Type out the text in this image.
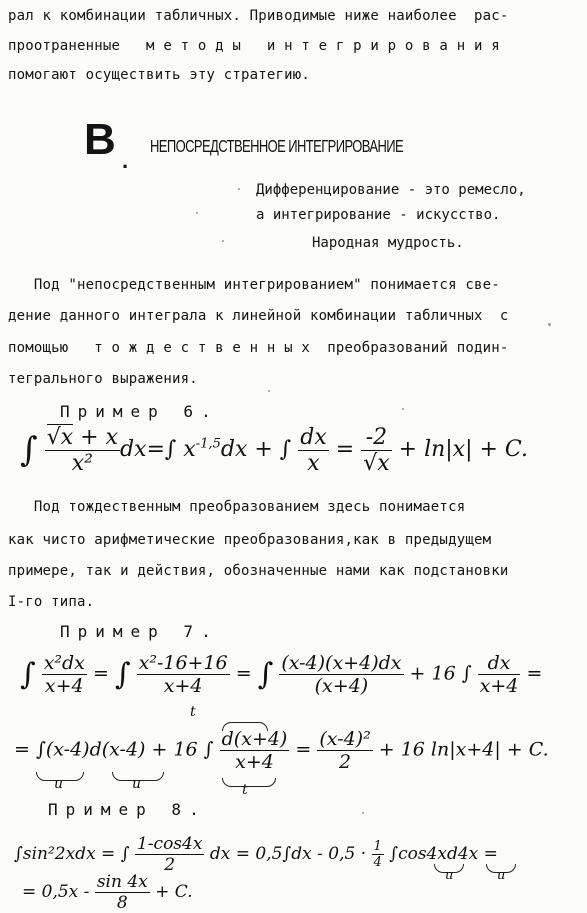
рал к комбинации табличных. Приводимые ниже наиболее  рас-
проотраненные   м е т о д ы   и н т е г р и р о в а н и я
помогают осуществить эту стратегию.
B .
НЕПОСРЕДСТВЕННОЕ ИНТЕГРИРОВАНИЕ
Дифференцирование - это ремесло,
а интегрирование - искусство.
Народная мудрость.
Под "непосредственным интегрированием" понимается све-
дение данного интеграла к линейной комбинации табличных  с
помощью   т о ж д е с т в е н н ы х  преобразований подин-
тегрального выражения.
Пример 6.
∫ $\frac{√x + x}{\text{x²}} dx=\int$ $x^{-1,5}dx$ + ∫ $\frac{dx}{x} = \frac{-2}{√x} + \ln|x| + C$.
Под тождественным преобразованием здесь понимается
как чисто арифметические преобразования,как в предыдущем
примере, так и действия, обозначенные нами как подстановки
I-го типа.
Пример 7.
∫ $\frac{\text{x²dx}}{x+4}$ = ∫ $\frac{\text{x²-16+16}}{x+4}$ = ∫ $\frac{(x-4)(x+4)dx}{(x+4)} + 16$ ∫ $\frac{dx}{x+4}$ =
t
= ∫(x-4)d(x-4) + 16 ∫ $\frac{d(x+4)}{x+4} = \frac{\text{(x-4)²}}{2} + 16$ ln|x+4| + C.
u	u	t
Пример 8.
∫sin²2xdx = ∫ $\frac{1-\cos 4x}{2}$ dx = $0,5\int dx - 0,5 \cdot \frac{1}{4} \int\cos 4xd4x$ =
u	u
= $0,5x - \frac{\sin 4x}{8} + C$.
